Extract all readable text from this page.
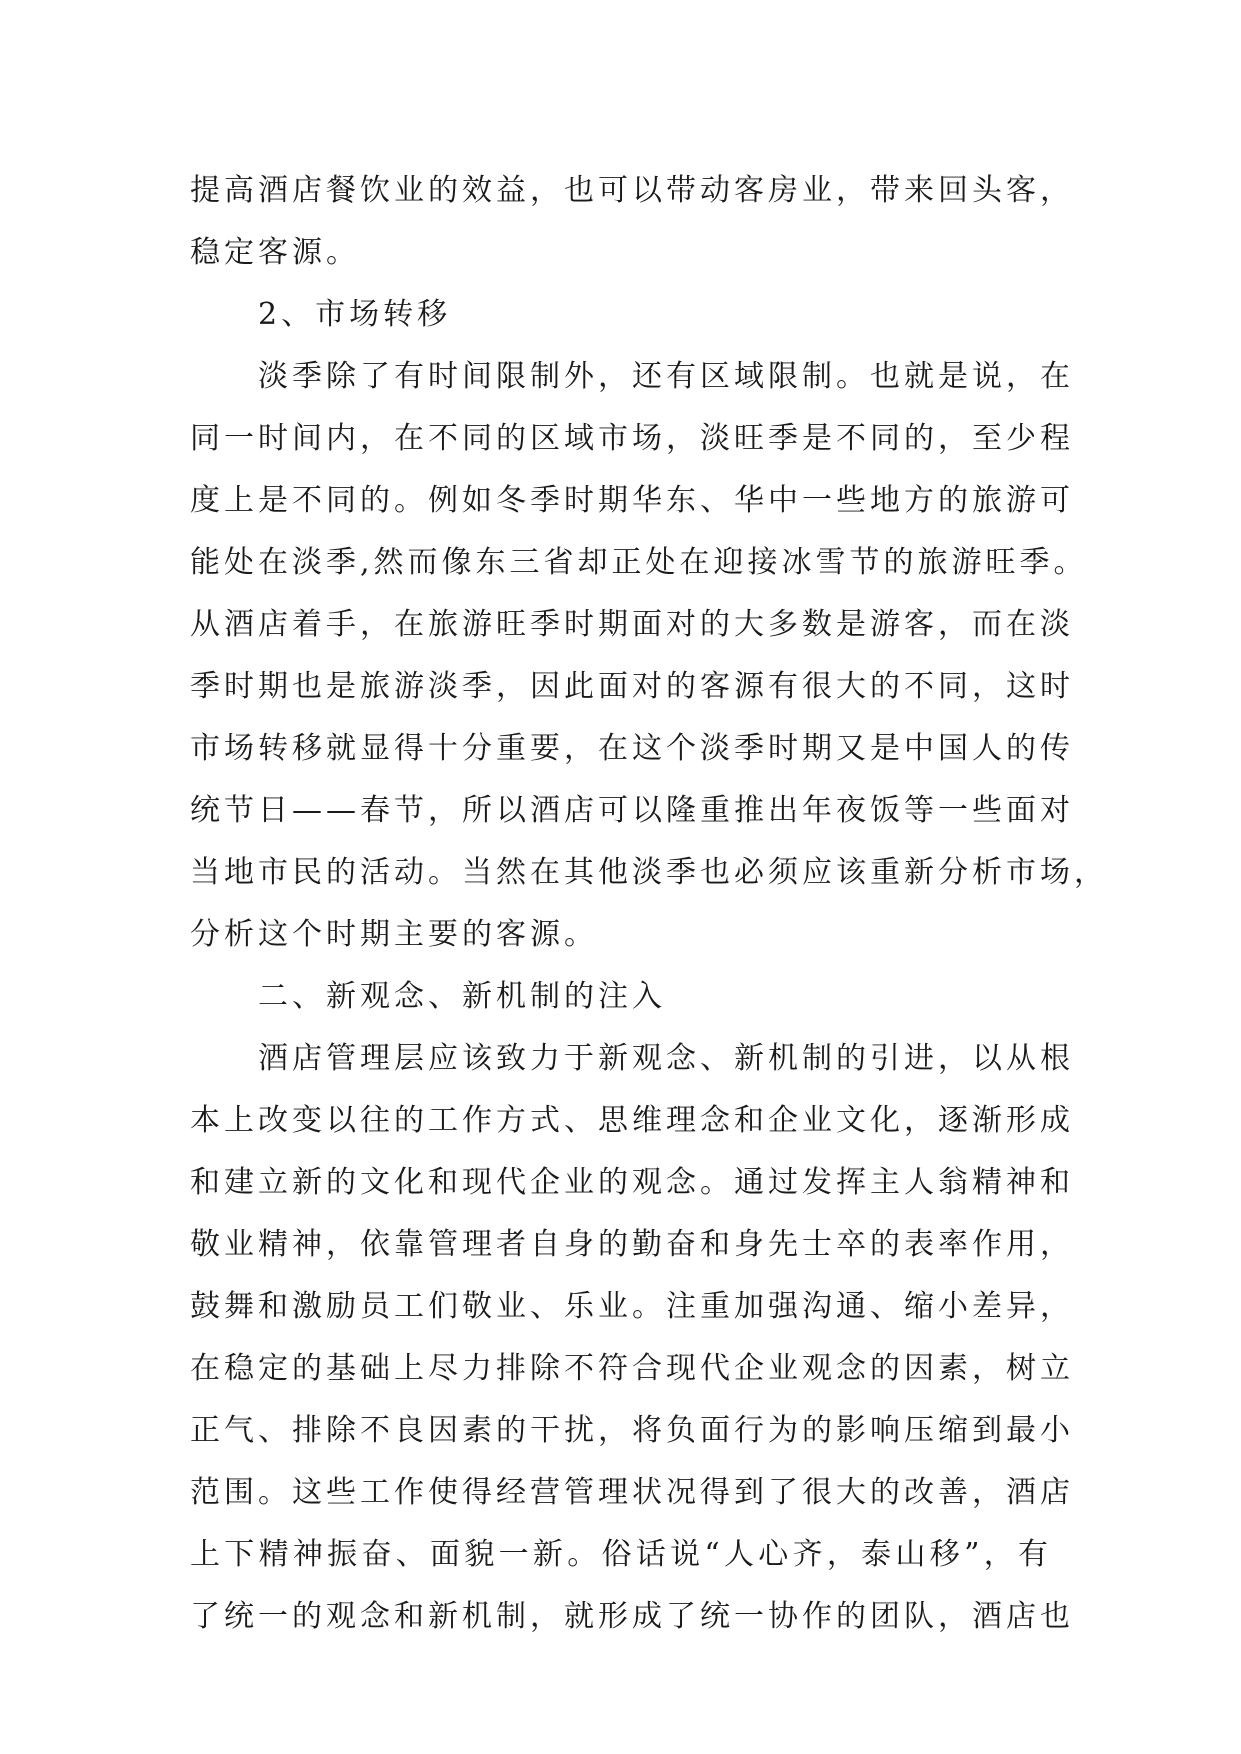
提高酒店餐饮业的效益，也可以带动客房业，带来回头客，
稳定客源。
　　2、市场转移
　　淡季除了有时间限制外，还有区域限制。也就是说，在
同一时间内，在不同的区域市场，淡旺季是不同的，至少程
度上是不同的。例如冬季时期华东、华中一些地方的旅游可
能处在淡季,然而像东三省却正处在迎接冰雪节的旅游旺季。
从酒店着手，在旅游旺季时期面对的大多数是游客，而在淡
季时期也是旅游淡季，因此面对的客源有很大的不同，这时
市场转移就显得十分重要，在这个淡季时期又是中国人的传
统节日——春节，所以酒店可以隆重推出年夜饭等一些面对
当地市民的活动。当然在其他淡季也必须应该重新分析市场，
分析这个时期主要的客源。
　　二、新观念、新机制的注入
　　酒店管理层应该致力于新观念、新机制的引进，以从根
本上改变以往的工作方式、思维理念和企业文化，逐渐形成
和建立新的文化和现代企业的观念。通过发挥主人翁精神和
敬业精神，依靠管理者自身的勤奋和身先士卒的表率作用，
鼓舞和激励员工们敬业、乐业。注重加强沟通、缩小差异，
在稳定的基础上尽力排除不符合现代企业观念的因素，树立
正气、排除不良因素的干扰，将负面行为的影响压缩到最小
范围。这些工作使得经营管理状况得到了很大的改善，酒店
上下精神振奋、面貌一新。俗话说“人心齐，泰山移”，有
了统一的观念和新机制，就形成了统一协作的团队，酒店也
